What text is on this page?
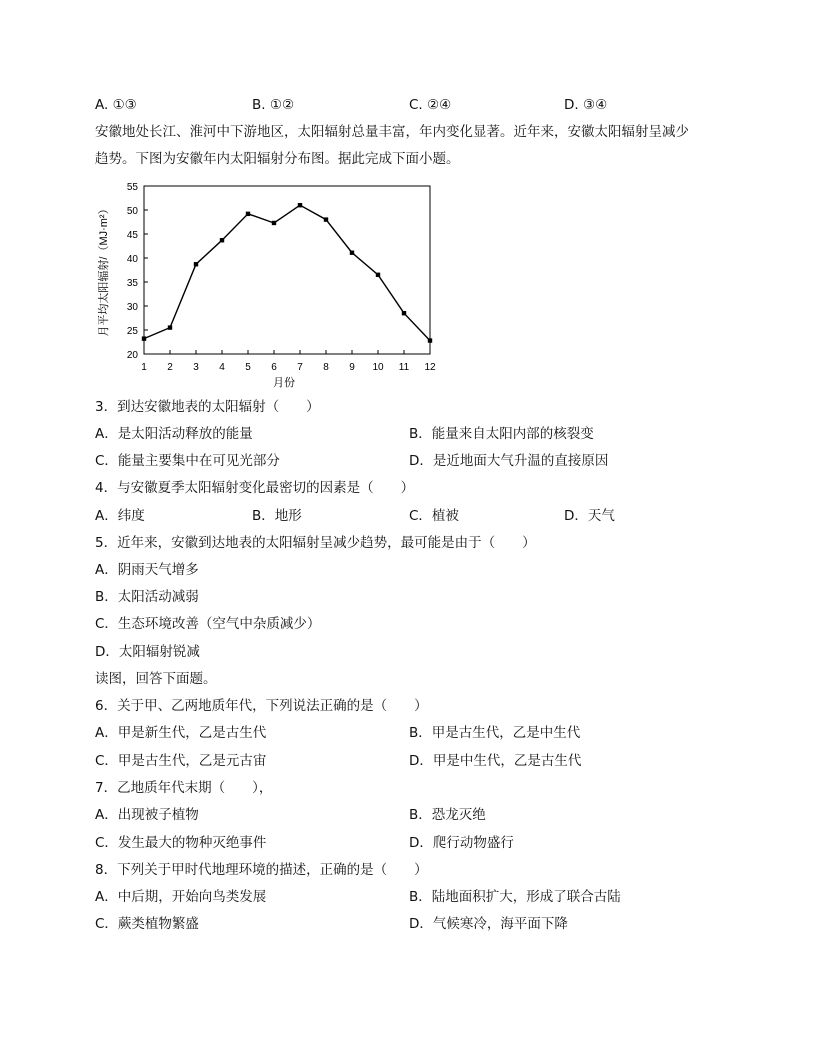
A. ①③	B. ①②	C. ②④	D. ③④
安徽地处长江、淮河中下游地区，太阳辐射总量丰富，年内变化显著。近年来，安徽太阳辐射呈减少
趋势。下图为安徽年内太阳辐射分布图。据此完成下面小题。
月平均太阳辐射/（MJ·m²）
月份
20
25
30
35
40
45
50
55
1 2 3 4 5 6 7 8 9 10 11 12
3．到达安徽地表的太阳辐射（　　）
A．是太阳活动释放的能量	B．能量来自太阳内部的核裂变
C．能量主要集中在可见光部分	D．是近地面大气升温的直接原因
4．与安徽夏季太阳辐射变化最密切的因素是（　　）
A．纬度	B．地形	C．植被	D．天气
5．近年来，安徽到达地表的太阳辐射呈减少趋势，最可能是由于（　　）
A．阴雨天气增多
B．太阳活动减弱
C．生态环境改善（空气中杂质减少）
D．太阳辐射锐减
读图，回答下面题。
6．关于甲、乙两地质年代，下列说法正确的是（　　）
A．甲是新生代，乙是古生代	B．甲是古生代，乙是中生代
C．甲是古生代，乙是元古宙	D．甲是中生代，乙是古生代
7．乙地质年代末期（　　），
A．出现被子植物	B．恐龙灭绝
C．发生最大的物种灭绝事件	D．爬行动物盛行
8．下列关于甲时代地理环境的描述，正确的是（　　）
A．中后期，开始向鸟类发展	B．陆地面积扩大，形成了联合古陆
C．蕨类植物繁盛	D．气候寒冷，海平面下降
